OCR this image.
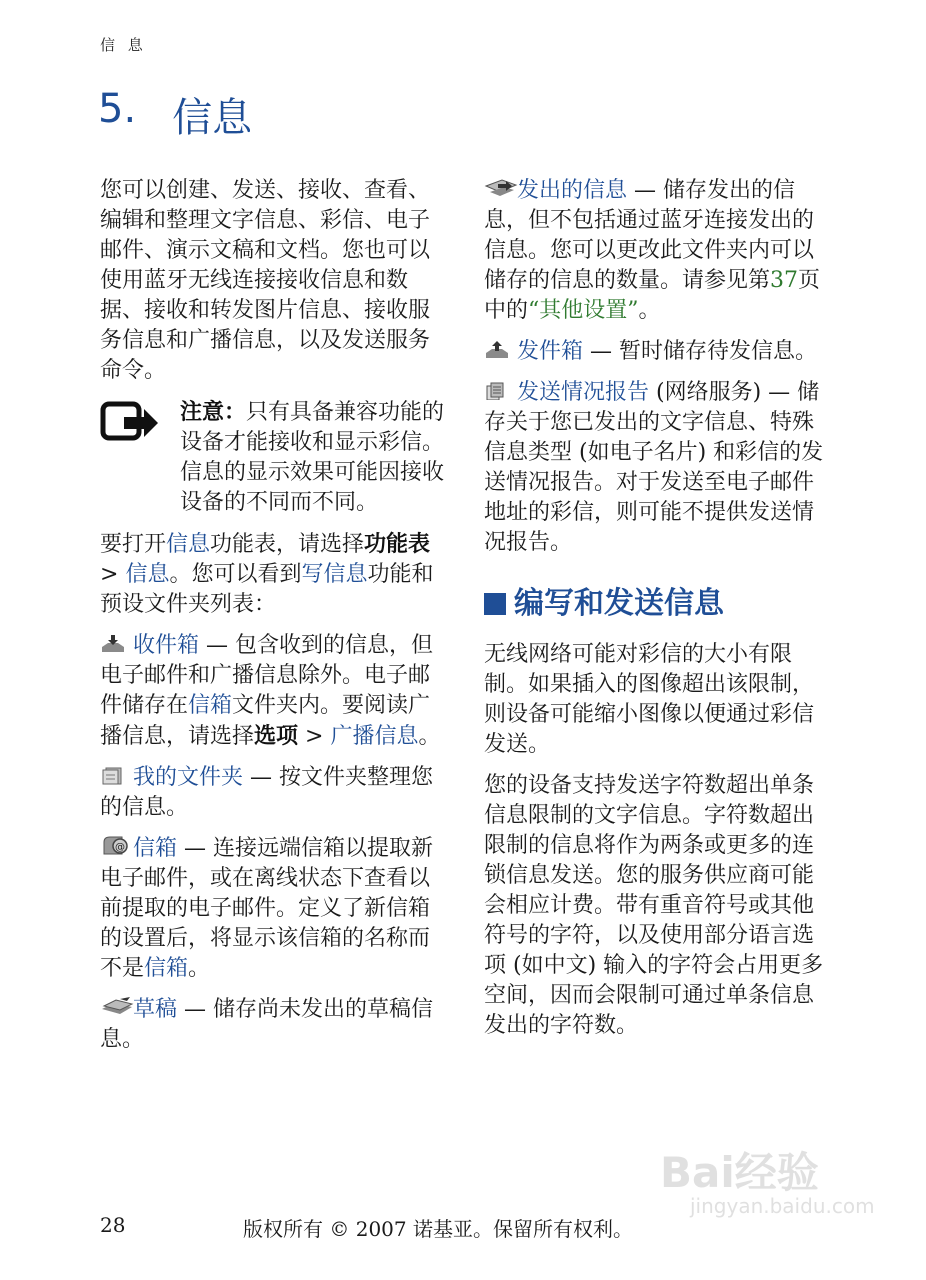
信 息
5. 信息

您可以创建、发送、接收、查看、编辑和整理文字信息、彩信、电子邮件、演示文稿和文档。您也可以使用蓝牙无线连接接收信息和数据、接收和转发图片信息、接收服务信息和广播信息，以及发送服务命令。

注意：只有具备兼容功能的设备才能接收和显示彩信。信息的显示效果可能因接收设备的不同而不同。

要打开信息功能表，请选择功能表 > 信息。您可以看到写信息功能和预设文件夹列表：

收件箱 — 包含收到的信息，但电子邮件和广播信息除外。电子邮件储存在信箱文件夹内。要阅读广播信息，请选择选项 > 广播信息。

我的文件夹 — 按文件夹整理您的信息。

@ 信箱 — 连接远端信箱以提取新电子邮件，或在离线状态下查看以前提取的电子邮件。定义了新信箱的设置后，将显示该信箱的名称而不是信箱。

草稿 — 储存尚未发出的草稿信息。

发出的信息 — 储存发出的信息，但不包括通过蓝牙连接发出的信息。您可以更改此文件夹内可以储存的信息的数量。请参见第37页中的“其他设置”。

发件箱 — 暂时储存待发信息。

发送情况报告 (网络服务) — 储存关于您已发出的文字信息、特殊信息类型 (如电子名片) 和彩信的发送情况报告。对于发送至电子邮件地址的彩信，则可能不提供发送情况报告。

编写和发送信息

无线网络可能对彩信的大小有限制。如果插入的图像超出该限制，则设备可能缩小图像以便通过彩信发送。

您的设备支持发送字符数超出单条信息限制的文字信息。字符数超出限制的信息将作为两条或更多的连锁信息发送。您的服务供应商可能会相应计费。带有重音符号或其他符号的字符，以及使用部分语言选项 (如中文) 输入的字符会占用更多空间，因而会限制可通过单条信息发出的字符数。

Bai经验
jingyan.baidu.com
28	版权所有 © 2007 诺基亚。保留所有权利。
